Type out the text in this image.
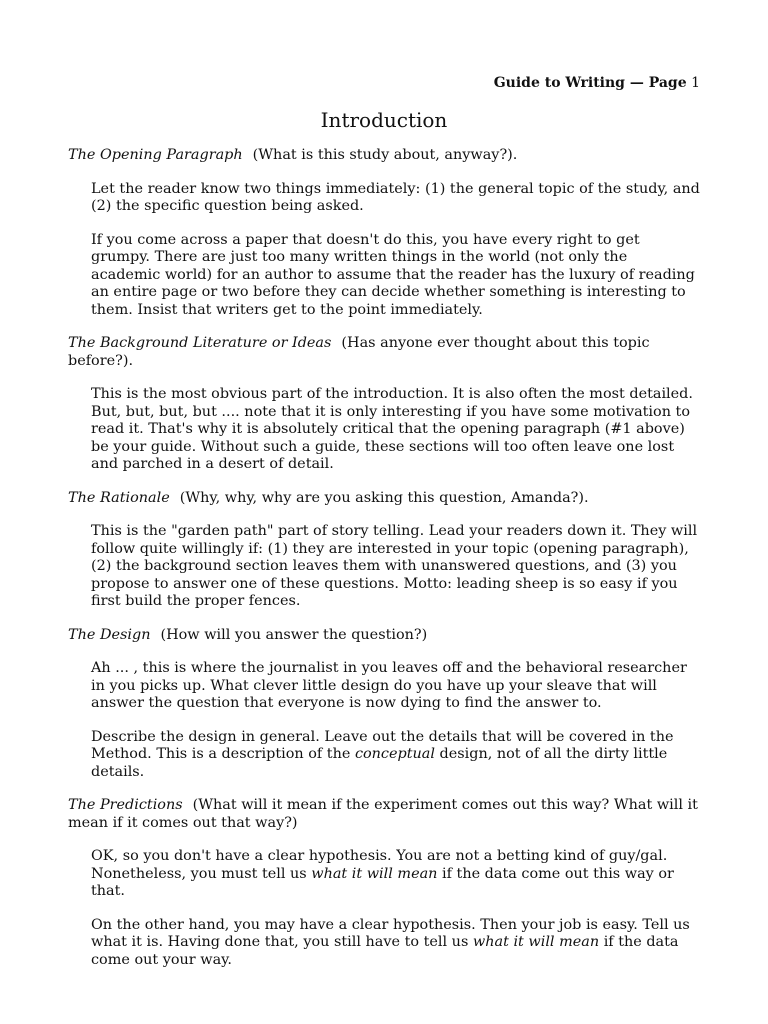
Guide to Writing — Page 1
Introduction

The Opening Paragraph (What is this study about, anyway?).

Let the reader know two things immediately: (1) the general topic of the study, and (2) the specific question being asked.

If you come across a paper that doesn't do this, you have every right to get grumpy. There are just too many written things in the world (not only the academic world) for an author to assume that the reader has the luxury of reading an entire page or two before they can decide whether something is interesting to them. Insist that writers get to the point immediately.

The Background Literature or Ideas (Has anyone ever thought about this topic before?).

This is the most obvious part of the introduction. It is also often the most detailed. But, but, but, but .... note that it is only interesting if you have some motivation to read it. That's why it is absolutely critical that the opening paragraph (#1 above) be your guide. Without such a guide, these sections will too often leave one lost and parched in a desert of detail.

The Rationale (Why, why, why are you asking this question, Amanda?).

This is the "garden path" part of story telling. Lead your readers down it. They will follow quite willingly if: (1) they are interested in your topic (opening paragraph), (2) the background section leaves them with unanswered questions, and (3) you propose to answer one of these questions. Motto: leading sheep is so easy if you first build the proper fences.

The Design (How will you answer the question?)

Ah ... , this is where the journalist in you leaves off and the behavioral researcher in you picks up. What clever little design do you have up your sleave that will answer the question that everyone is now dying to find the answer to.

Describe the design in general. Leave out the details that will be covered in the Method. This is a description of the conceptual design, not of all the dirty little details.

The Predictions (What will it mean if the experiment comes out this way? What will it mean if it comes out that way?)

OK, so you don't have a clear hypothesis. You are not a betting kind of guy/gal. Nonetheless, you must tell us what it will mean if the data come out this way or that.

On the other hand, you may have a clear hypothesis. Then your job is easy. Tell us what it is. Having done that, you still have to tell us what it will mean if the data come out your way.
